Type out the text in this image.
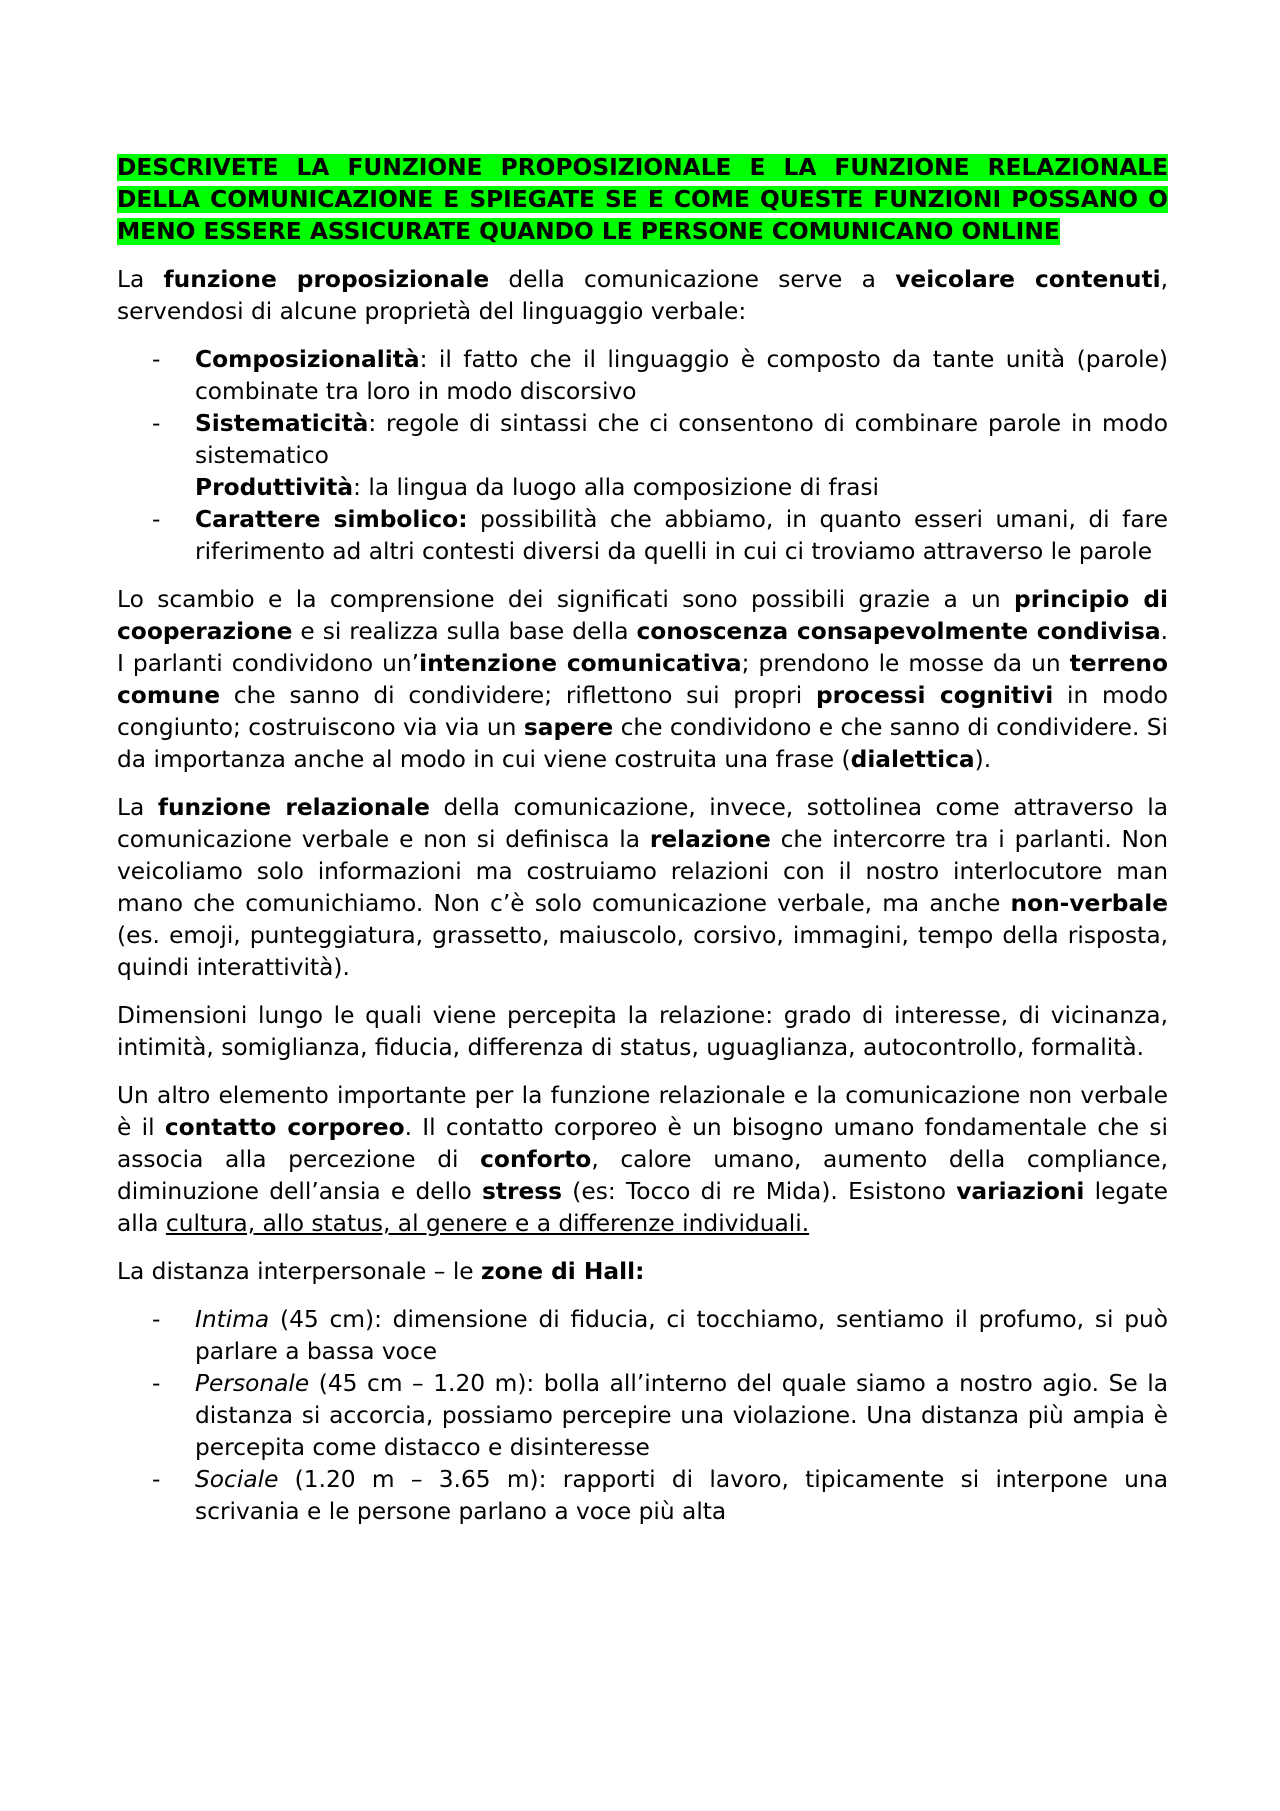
DESCRIVETE LA FUNZIONE PROPOSIZIONALE E LA FUNZIONE RELAZIONALE DELLA COMUNICAZIONE E SPIEGATE SE E COME QUESTE FUNZIONI POSSANO O MENO ESSERE ASSICURATE QUANDO LE PERSONE COMUNICANO ONLINE

La funzione proposizionale della comunicazione serve a veicolare contenuti, servendosi di alcune proprietà del linguaggio verbale:

- Composizionalità: il fatto che il linguaggio è composto da tante unità (parole) combinate tra loro in modo discorsivo
- Sistematicità: regole di sintassi che ci consentono di combinare parole in modo sistematico
Produttività: la lingua da luogo alla composizione di frasi
- Carattere simbolico: possibilità che abbiamo, in quanto esseri umani, di fare riferimento ad altri contesti diversi da quelli in cui ci troviamo attraverso le parole

Lo scambio e la comprensione dei significati sono possibili grazie a un principio di cooperazione e si realizza sulla base della conoscenza consapevolmente condivisa. I parlanti condividono un’intenzione comunicativa; prendono le mosse da un terreno comune che sanno di condividere; riflettono sui propri processi cognitivi in modo congiunto; costruiscono via via un sapere che condividono e che sanno di condividere. Si da importanza anche al modo in cui viene costruita una frase (dialettica).

La funzione relazionale della comunicazione, invece, sottolinea come attraverso la comunicazione verbale e non si definisca la relazione che intercorre tra i parlanti. Non veicoliamo solo informazioni ma costruiamo relazioni con il nostro interlocutore man mano che comunichiamo. Non c’è solo comunicazione verbale, ma anche non-verbale (es. emoji, punteggiatura, grassetto, maiuscolo, corsivo, immagini, tempo della risposta, quindi interattività).

Dimensioni lungo le quali viene percepita la relazione: grado di interesse, di vicinanza, intimità, somiglianza, fiducia, differenza di status, uguaglianza, autocontrollo, formalità.

Un altro elemento importante per la funzione relazionale e la comunicazione non verbale è il contatto corporeo. Il contatto corporeo è un bisogno umano fondamentale che si associa alla percezione di conforto, calore umano, aumento della compliance, diminuzione dell’ansia e dello stress (es: Tocco di re Mida). Esistono variazioni legate alla cultura, allo status, al genere e a differenze individuali.

La distanza interpersonale – le zone di Hall:

- Intima (45 cm): dimensione di fiducia, ci tocchiamo, sentiamo il profumo, si può parlare a bassa voce
- Personale (45 cm – 1.20 m): bolla all’interno del quale siamo a nostro agio. Se la distanza si accorcia, possiamo percepire una violazione. Una distanza più ampia è percepita come distacco e disinteresse
- Sociale (1.20 m – 3.65 m): rapporti di lavoro, tipicamente si interpone una scrivania e le persone parlano a voce più alta
